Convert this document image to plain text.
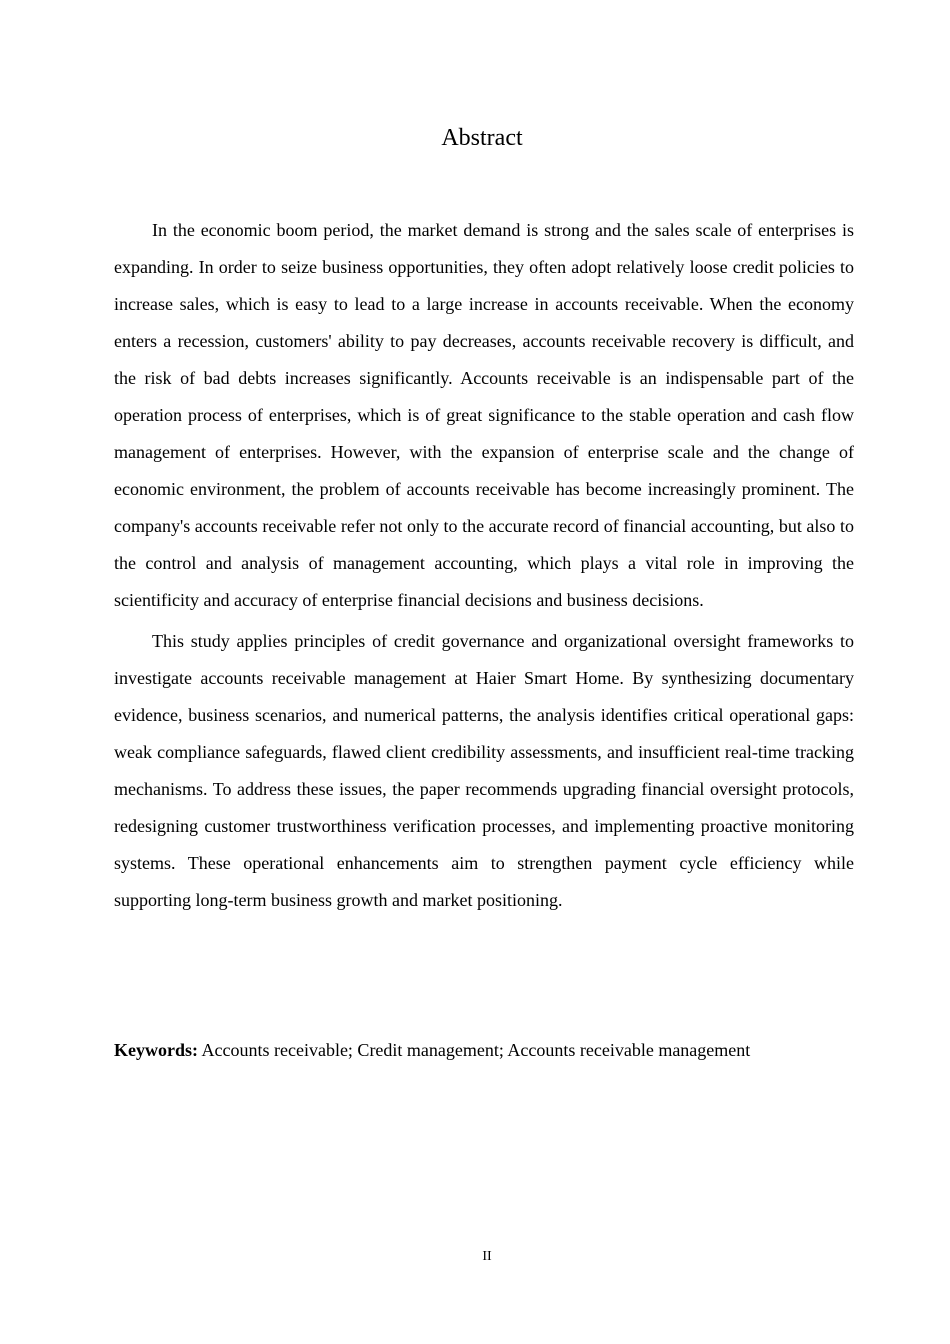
Abstract

In the economic boom period, the market demand is strong and the sales scale of enterprises is expanding. In order to seize business opportunities, they often adopt relatively loose credit policies to increase sales, which is easy to lead to a large increase in accounts receivable. When the economy enters a recession, customers' ability to pay decreases, accounts receivable recovery is difficult, and the risk of bad debts increases significantly. Accounts receivable is an indispensable part of the operation process of enterprises, which is of great significance to the stable operation and cash flow management of enterprises. However, with the expansion of enterprise scale and the change of economic environment, the problem of accounts receivable has become increasingly prominent. The company's accounts receivable refer not only to the accurate record of financial accounting, but also to the control and analysis of management accounting, which plays a vital role in improving the scientificity and accuracy of enterprise financial decisions and business decisions.

This study applies principles of credit governance and organizational oversight frameworks to investigate accounts receivable management at Haier Smart Home. By synthesizing documentary evidence, business scenarios, and numerical patterns, the analysis identifies critical operational gaps: weak compliance safeguards, flawed client credibility assessments, and insufficient real-time tracking mechanisms. To address these issues, the paper recommends upgrading financial oversight protocols, redesigning customer trustworthiness verification processes, and implementing proactive monitoring systems. These operational enhancements aim to strengthen payment cycle efficiency while supporting long-term business growth and market positioning.

Keywords: Accounts receivable; Credit management; Accounts receivable management

II
